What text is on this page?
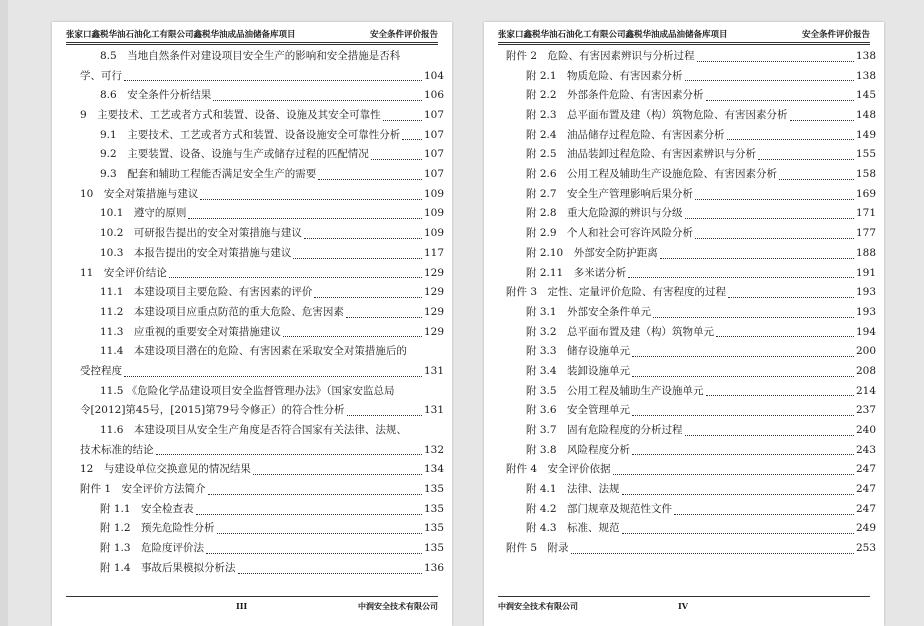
张家口鑫税华油石油化工有限公司鑫税华油成品油储备库项目	安全条件评价报告
8.5　当地自然条件对建设项目安全生产的影响和安全措施是否科
学、可行	104
8.6　安全条件分析结果	106
9　主要技术、工艺或者方式和装置、设备、设施及其安全可靠性	107
9.1　主要技术、工艺或者方式和装置、设备设施安全可靠性分析 107
9.2　主要装置、设备、设施与生产或储存过程的匹配情况	107
9.3　配套和辅助工程能否满足安全生产的需要	107
10　安全对策措施与建议	109
10.1　遵守的原则	109
10.2　可研报告提出的安全对策措施与建议	109
10.3　本报告提出的安全对策措施与建议	117
11　安全评价结论	129
11.1　本建设项目主要危险、有害因素的评价	129
11.2　本建设项目应重点防范的重大危险、危害因素	129
11.3　应重视的重要安全对策措施建议	129
11.4　本建设项目潜在的危险、有害因素在采取安全对策措施后的
受控程度	131
11.5 《危险化学品建设项目安全监督管理办法》（国家安监总局
令[2012]第45号，[2015]第79号令修正）的符合性分析	131
11.6　本建设项目从安全生产角度是否符合国家有关法律、法规、
技术标准的结论	132
12　与建设单位交换意见的情况结果	134
附件 1　安全评价方法简介	135
附 1.1　安全检查表	135
附 1.2　预先危险性分析	135
附 1.3　危险度评价法	135
附 1.4　事故后果模拟分析法	136
III	中润安全技术有限公司
张家口鑫税华油石油化工有限公司鑫税华油成品油储备库项目	安全条件评价报告
附件 2　危险、有害因素辨识与分析过程	138
附 2.1　物质危险、有害因素分析	138
附 2.2　外部条件危险、有害因素分析	145
附 2.3　总平面布置及建（构）筑物危险、有害因素分析	148
附 2.4　油品储存过程危险、有害因素分析	149
附 2.5　油品装卸过程危险、有害因素辨识与分析	155
附 2.6　公用工程及辅助生产设施危险、有害因素分析	158
附 2.7　安全生产管理影响后果分析	169
附 2.8　重大危险源的辨识与分级	171
附 2.9　个人和社会可容许风险分析	177
附 2.10　外部安全防护距离	188
附 2.11　多米诺分析	191
附件 3　定性、定量评价危险、有害程度的过程	193
附 3.1　外部安全条件单元	193
附 3.2　总平面布置及建（构）筑物单元	194
附 3.3　储存设施单元	200
附 3.4　装卸设施单元	208
附 3.5　公用工程及辅助生产设施单元	214
附 3.6　安全管理单元	237
附 3.7　固有危险程度的分析过程	240
附 3.8　风险程度分析	243
附件 4　安全评价依据	247
附 4.1　法律、法规	247
附 4.2　部门规章及规范性文件	247
附 4.3　标准、规范	249
附件 5　附录	253
中润安全技术有限公司	IV
